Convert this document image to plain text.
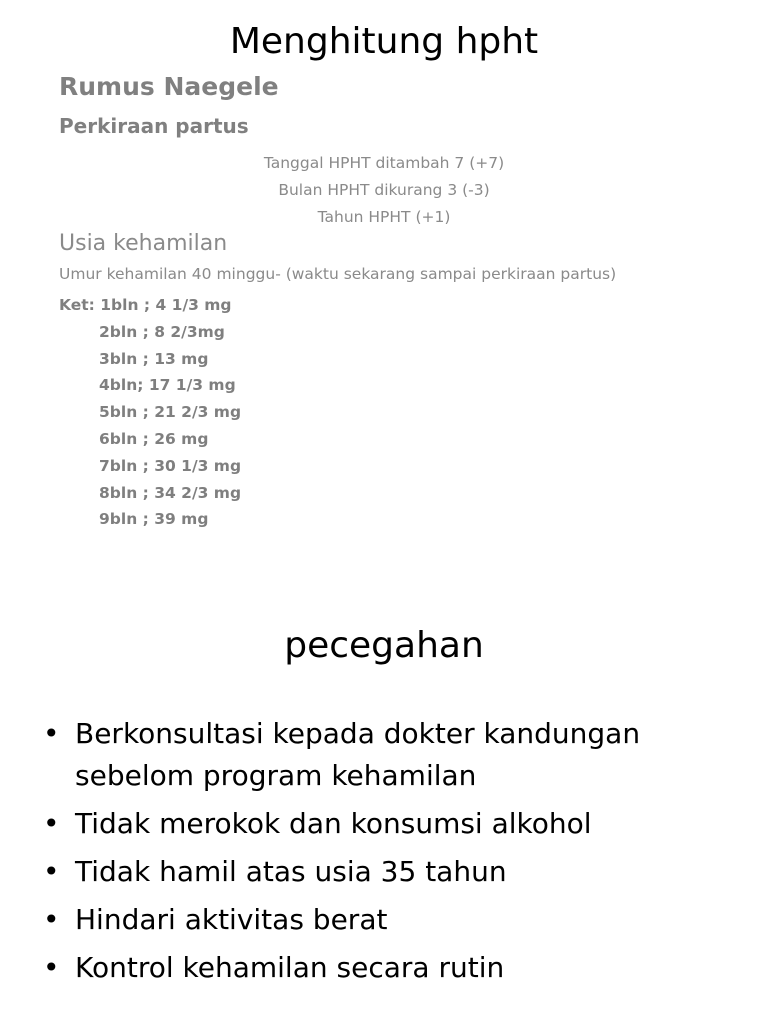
Menghitung hpht
Rumus Naegele
Perkiraan partus
Tanggal HPHT ditambah 7 (+7)
Bulan HPHT dikurang 3 (-3)
Tahun HPHT (+1)
Usia kehamilan
Umur kehamilan 40 minggu- (waktu sekarang sampai perkiraan partus)
Ket: 1bln ; 4 1/3 mg
2bln ; 8 2/3mg
3bln ; 13 mg
4bln; 17 1/3 mg
5bln ; 21 2/3 mg
6bln ; 26 mg
7bln ; 30 1/3 mg
8bln ; 34 2/3 mg
9bln ; 39 mg
pecegahan
• Berkonsultasi kepada dokter kandungan sebelom program kehamilan
• Tidak merokok dan konsumsi alkohol
• Tidak hamil atas usia 35 tahun
• Hindari aktivitas berat
• Kontrol kehamilan secara rutin
